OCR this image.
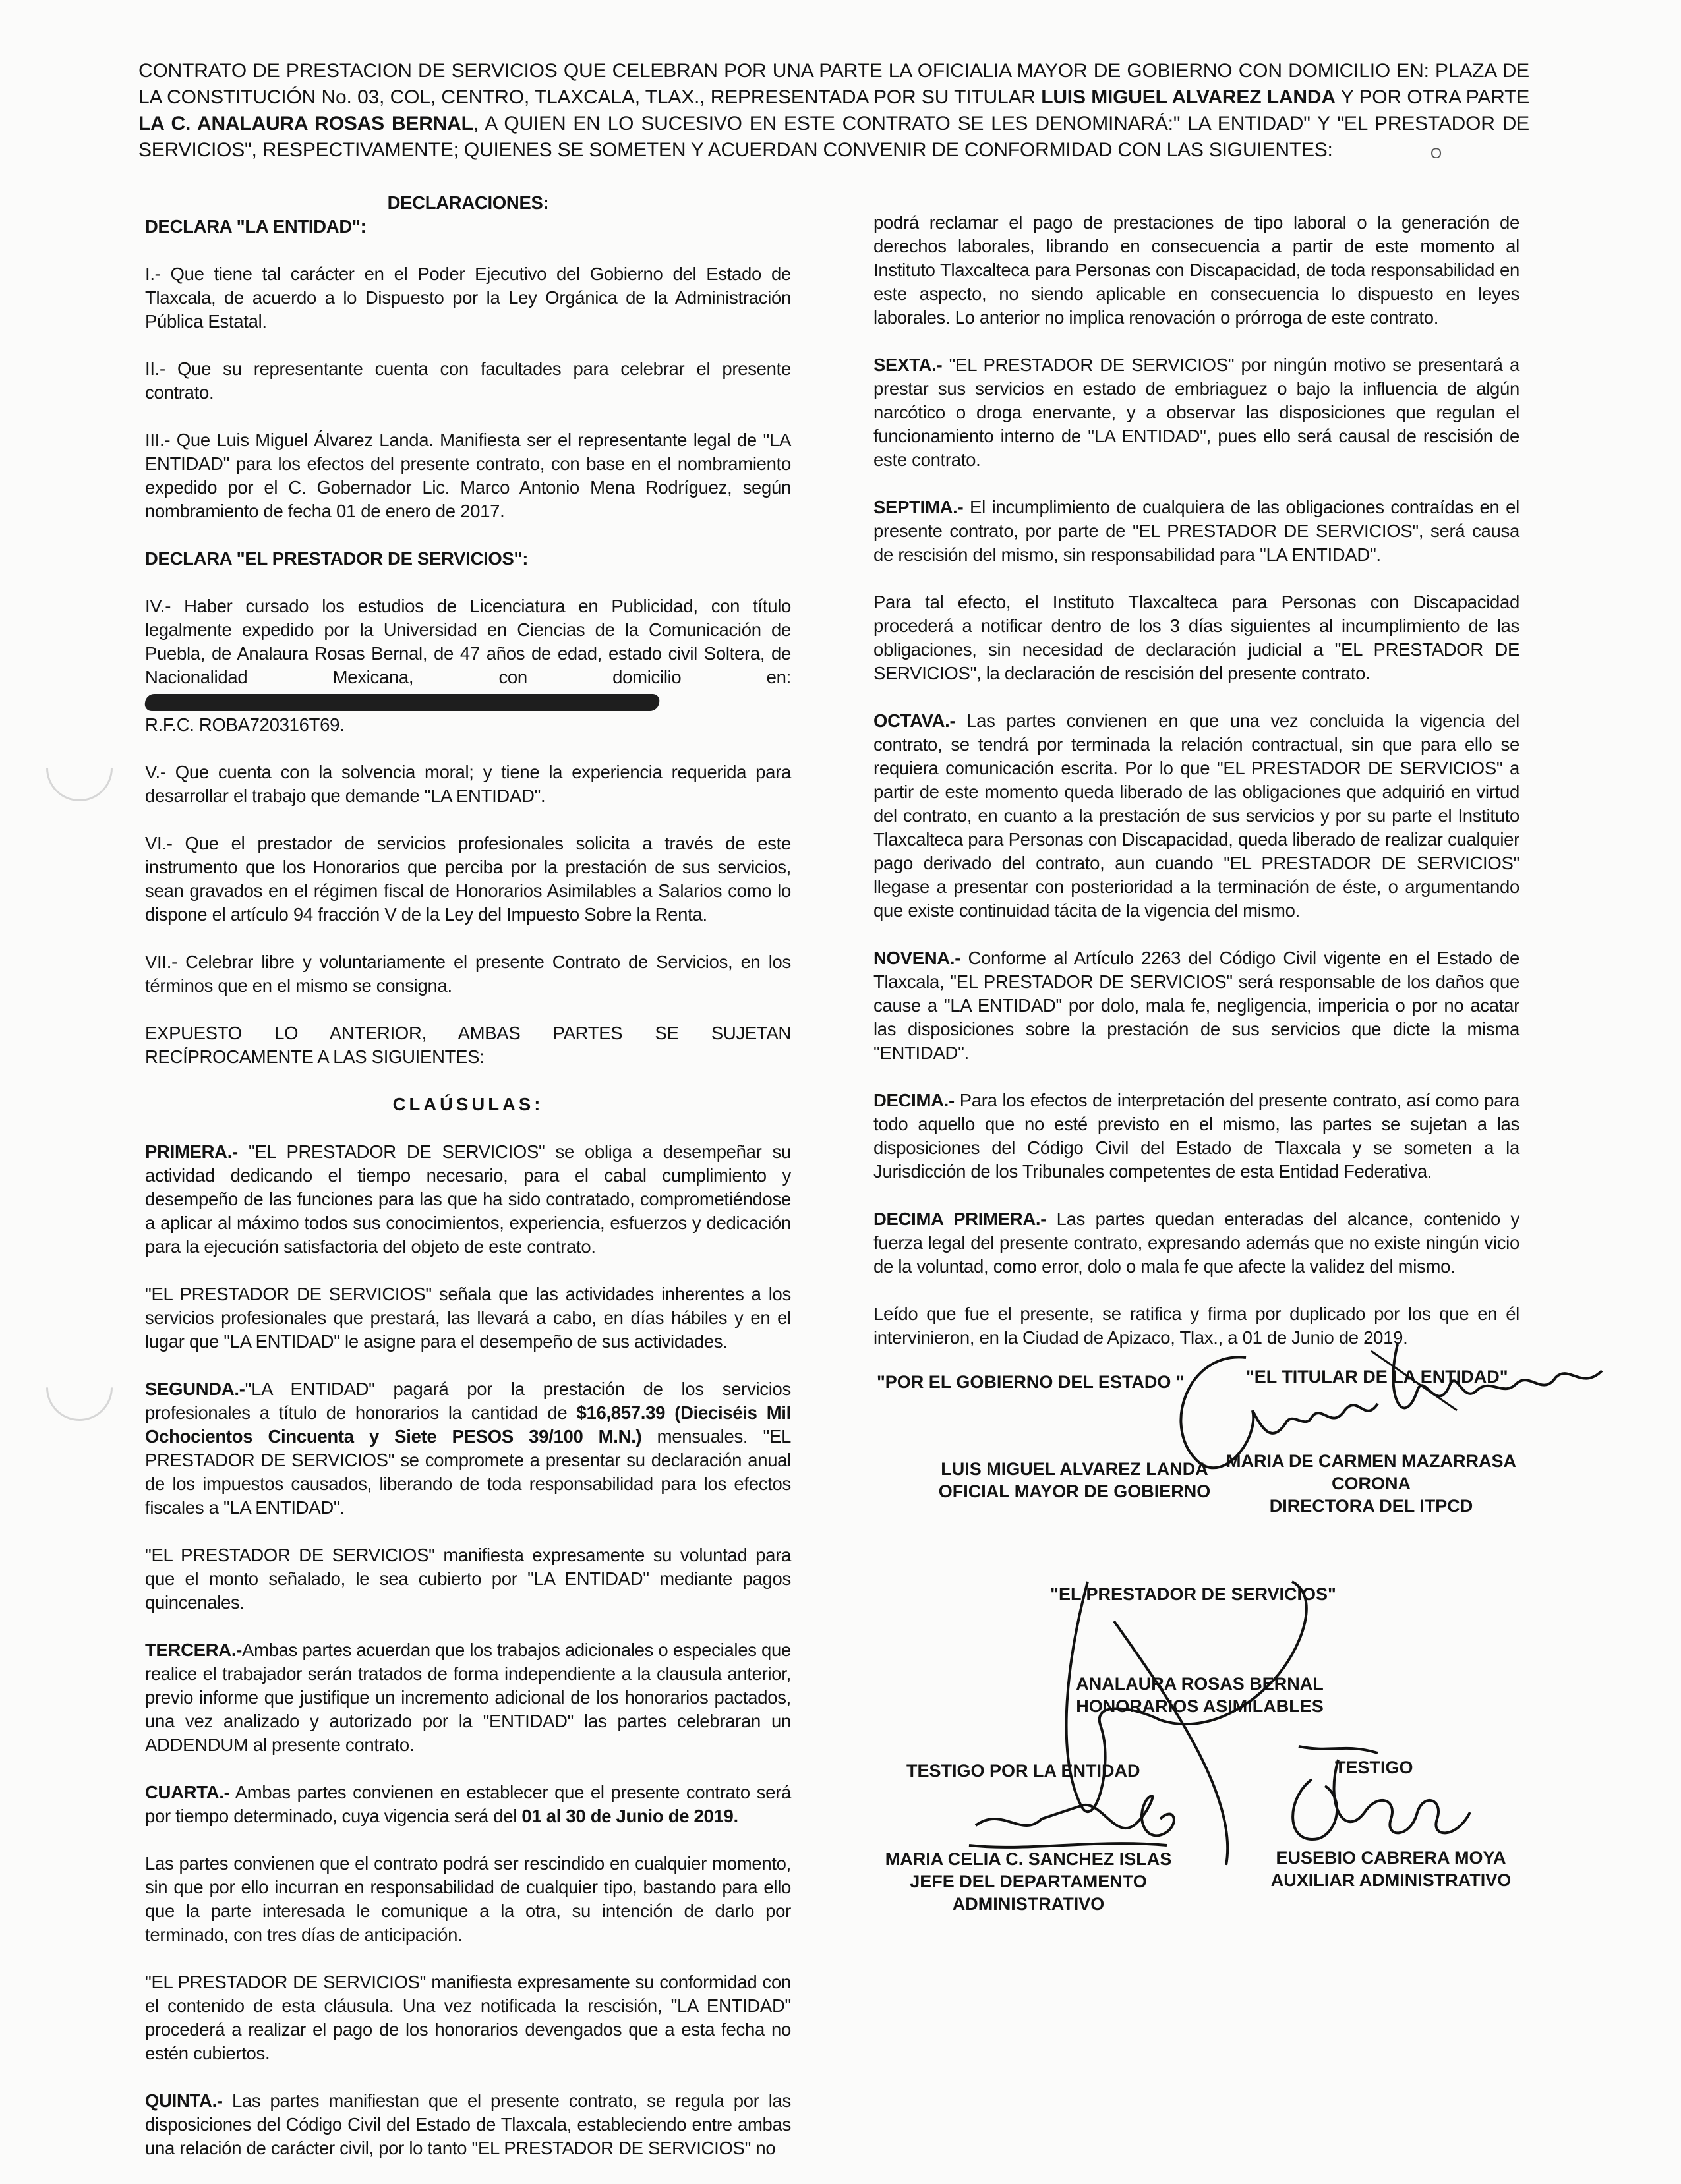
O
CONTRATO DE PRESTACION DE SERVICIOS QUE CELEBRAN POR UNA PARTE LA OFICIALIA MAYOR DE GOBIERNO CON DOMICILIO EN: PLAZA DE LA CONSTITUCIÓN No. 03, COL, CENTRO, TLAXCALA, TLAX., REPRESENTADA POR SU TITULAR LUIS MIGUEL ALVAREZ LANDA Y POR OTRA PARTE LA C. ANALAURA ROSAS BERNAL, A QUIEN EN LO SUCESIVO EN ESTE CONTRATO SE LES DENOMINARÁ:" LA ENTIDAD" Y "EL PRESTADOR DE SERVICIOS", RESPECTIVAMENTE; QUIENES SE SOMETEN Y ACUERDAN CONVENIR DE CONFORMIDAD CON LAS SIGUIENTES:
DECLARACIONES:

DECLARA "LA ENTIDAD":

I.- Que tiene tal carácter en el Poder Ejecutivo del Gobierno del Estado de Tlaxcala, de acuerdo a lo Dispuesto por la Ley Orgánica de la Administración Pública Estatal.

II.- Que su representante cuenta con facultades para celebrar el presente contrato.

III.- Que Luis Miguel Álvarez Landa. Manifiesta ser el representante legal de "LA ENTIDAD" para los efectos del presente contrato, con base en el nombramiento expedido por el C. Gobernador Lic. Marco Antonio Mena Rodríguez, según nombramiento de fecha 01 de enero de 2017.

DECLARA "EL PRESTADOR DE SERVICIOS":

IV.- Haber cursado los estudios de Licenciatura en Publicidad, con título legalmente expedido por la Universidad en Ciencias de la Comunicación de Puebla, de Analaura Rosas Bernal, de 47 años de edad, estado civil Soltera, de Nacionalidad Mexicana, con domicilio en:
R.F.C. ROBA720316T69.

V.- Que cuenta con la solvencia moral; y tiene la experiencia requerida para desarrollar el trabajo que demande "LA ENTIDAD".

VI.- Que el prestador de servicios profesionales solicita a través de este instrumento que los Honorarios que perciba por la prestación de sus servicios, sean gravados en el régimen fiscal de Honorarios Asimilables a Salarios como lo dispone el artículo 94 fracción V de la Ley del Impuesto Sobre la Renta.

VII.- Celebrar libre y voluntariamente el presente Contrato de Servicios, en los términos que en el mismo se consigna.

EXPUESTO LO ANTERIOR, AMBAS PARTES SE SUJETAN RECÍPROCAMENTE A LAS SIGUIENTES:

CLAÚSULAS:

PRIMERA.- "EL PRESTADOR DE SERVICIOS" se obliga a desempeñar su actividad dedicando el tiempo necesario, para el cabal cumplimiento y desempeño de las funciones para las que ha sido contratado, comprometiéndose a aplicar al máximo todos sus conocimientos, experiencia, esfuerzos y dedicación para la ejecución satisfactoria del objeto de este contrato.

"EL PRESTADOR DE SERVICIOS" señala que las actividades inherentes a los servicios profesionales que prestará, las llevará a cabo, en días hábiles y en el lugar que "LA ENTIDAD" le asigne para el desempeño de sus actividades.

SEGUNDA.-"LA ENTIDAD" pagará por la prestación de los servicios profesionales a título de honorarios la cantidad de $16,857.39 (Dieciséis Mil Ochocientos Cincuenta y Siete PESOS 39/100 M.N.) mensuales. "EL PRESTADOR DE SERVICIOS" se compromete a presentar su declaración anual de los impuestos causados, liberando de toda responsabilidad para los efectos fiscales a "LA ENTIDAD".

"EL PRESTADOR DE SERVICIOS" manifiesta expresamente su voluntad para que el monto señalado, le sea cubierto por "LA ENTIDAD" mediante pagos quincenales.

TERCERA.-Ambas partes acuerdan que los trabajos adicionales o especiales que realice el trabajador serán tratados de forma independiente a la clausula anterior, previo informe que justifique un incremento adicional de los honorarios pactados, una vez analizado y autorizado por la "ENTIDAD" las partes celebraran un ADDENDUM al presente contrato.

CUARTA.- Ambas partes convienen en establecer que el presente contrato será por tiempo determinado, cuya vigencia será del 01 al 30 de Junio de 2019.

Las partes convienen que el contrato podrá ser rescindido en cualquier momento, sin que por ello incurran en responsabilidad de cualquier tipo, bastando para ello que la parte interesada le comunique a la otra, su intención de darlo por terminado, con tres días de anticipación.

"EL PRESTADOR DE SERVICIOS" manifiesta expresamente su conformidad con el contenido de esta cláusula. Una vez notificada la rescisión, "LA ENTIDAD" procederá a realizar el pago de los honorarios devengados que a esta fecha no estén cubiertos.

QUINTA.- Las partes manifiestan que el presente contrato, se regula por las disposiciones del Código Civil del Estado de Tlaxcala, estableciendo entre ambas una relación de carácter civil, por lo tanto "EL PRESTADOR DE SERVICIOS" no

podrá reclamar el pago de prestaciones de tipo laboral o la generación de derechos laborales, librando en consecuencia a partir de este momento al Instituto Tlaxcalteca para Personas con Discapacidad, de toda responsabilidad en este aspecto, no siendo aplicable en consecuencia lo dispuesto en leyes laborales. Lo anterior no implica renovación o prórroga de este contrato.

SEXTA.- "EL PRESTADOR DE SERVICIOS" por ningún motivo se presentará a prestar sus servicios en estado de embriaguez o bajo la influencia de algún narcótico o droga enervante, y a observar las disposiciones que regulan el funcionamiento interno de "LA ENTIDAD", pues ello será causal de rescisión de este contrato.

SEPTIMA.- El incumplimiento de cualquiera de las obligaciones contraídas en el presente contrato, por parte de "EL PRESTADOR DE SERVICIOS", será causa de rescisión del mismo, sin responsabilidad para "LA ENTIDAD".

Para tal efecto, el Instituto Tlaxcalteca para Personas con Discapacidad procederá a notificar dentro de los 3 días siguientes al incumplimiento de las obligaciones, sin necesidad de declaración judicial a "EL PRESTADOR DE SERVICIOS", la declaración de rescisión del presente contrato.

OCTAVA.- Las partes convienen en que una vez concluida la vigencia del contrato, se tendrá por terminada la relación contractual, sin que para ello se requiera comunicación escrita. Por lo que "EL PRESTADOR DE SERVICIOS" a partir de este momento queda liberado de las obligaciones que adquirió en virtud del contrato, en cuanto a la prestación de sus servicios y por su parte el Instituto Tlaxcalteca para Personas con Discapacidad, queda liberado de realizar cualquier pago derivado del contrato, aun cuando "EL PRESTADOR DE SERVICIOS" llegase a presentar con posterioridad a la terminación de éste, o argumentando que existe continuidad tácita de la vigencia del mismo.

NOVENA.- Conforme al Artículo 2263 del Código Civil vigente en el Estado de Tlaxcala, "EL PRESTADOR DE SERVICIOS" será responsable de los daños que cause a "LA ENTIDAD" por dolo, mala fe, negligencia, impericia o por no acatar las disposiciones sobre la prestación de sus servicios que dicte la misma "ENTIDAD".

DECIMA.- Para los efectos de interpretación del presente contrato, así como para todo aquello que no esté previsto en el mismo, las partes se sujetan a las disposiciones del Código Civil del Estado de Tlaxcala y se someten a la Jurisdicción de los Tribunales competentes de esta Entidad Federativa.

DECIMA PRIMERA.- Las partes quedan enteradas del alcance, contenido y fuerza legal del presente contrato, expresando además que no existe ningún vicio de la voluntad, como error, dolo o mala fe que afecte la validez del mismo.

Leído que fue el presente, se ratifica y firma por duplicado por los que en él intervinieron, en la Ciudad de Apizaco, Tlax., a 01 de Junio de 2019.

"POR EL GOBIERNO DEL ESTADO "	"EL TITULAR DE LA ENTIDAD"
LUIS MIGUEL ALVAREZ LANDA
OFICIAL MAYOR DE GOBIERNO
MARIA DE CARMEN MAZARRASA
CORONA
DIRECTORA DEL ITPCD
"EL PRESTADOR DE SERVICIOS"
ANALAURA ROSAS BERNAL
HONORARIOS ASIMILABLES
TESTIGO POR LA ENTIDAD	TESTIGO
MARIA CELIA C. SANCHEZ ISLAS
JEFE DEL DEPARTAMENTO
ADMINISTRATIVO
EUSEBIO CABRERA MOYA
AUXILIAR ADMINISTRATIVO
